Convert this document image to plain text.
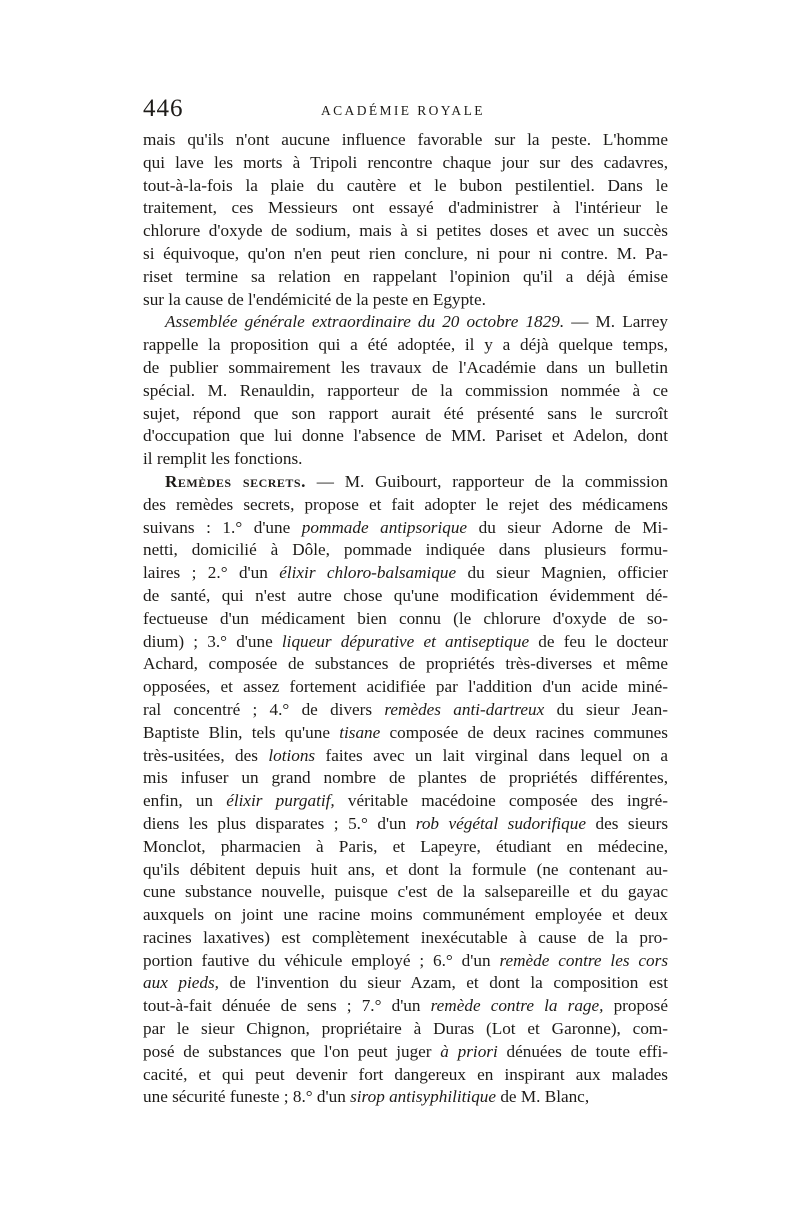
446	ACADÉMIE ROYALE
mais qu'ils n'ont aucune influence favorable sur la peste. L'homme
qui lave les morts à Tripoli rencontre chaque jour sur des cadavres,
tout-à-la-fois la plaie du cautère et le bubon pestilentiel. Dans le
traitement, ces Messieurs ont essayé d'administrer à l'intérieur le
chlorure d'oxyde de sodium, mais à si petites doses et avec un succès
si équivoque, qu'on n'en peut rien conclure, ni pour ni contre. M. Pa-
riset termine sa relation en rappelant l'opinion qu'il a déjà émise
sur la cause de l'endémicité de la peste en Egypte.
Assemblée générale extraordinaire du 20 octobre 1829. — M. Larrey
rappelle la proposition qui a été adoptée, il y a déjà quelque temps,
de publier sommairement les travaux de l'Académie dans un bulletin
spécial. M. Renauldin, rapporteur de la commission nommée à ce
sujet, répond que son rapport aurait été présenté sans le surcroît
d'occupation que lui donne l'absence de MM. Pariset et Adelon, dont
il remplit les fonctions.
Remèdes secrets. — M. Guibourt, rapporteur de la commission
des remèdes secrets, propose et fait adopter le rejet des médicamens
suivans : 1.° d'une pommade antipsorique du sieur Adorne de Mi-
netti, domicilié à Dôle, pommade indiquée dans plusieurs formu-
laires ; 2.° d'un élixir chloro-balsamique du sieur Magnien, officier
de santé, qui n'est autre chose qu'une modification évidemment dé-
fectueuse d'un médicament bien connu (le chlorure d'oxyde de so-
dium) ; 3.° d'une liqueur dépurative et antiseptique de feu le docteur
Achard, composée de substances de propriétés très-diverses et même
opposées, et assez fortement acidifiée par l'addition d'un acide miné-
ral concentré ; 4.° de divers remèdes anti-dartreux du sieur Jean-
Baptiste Blin, tels qu'une tisane composée de deux racines communes
très-usitées, des lotions faites avec un lait virginal dans lequel on a
mis infuser un grand nombre de plantes de propriétés différentes,
enfin, un élixir purgatif, véritable macédoine composée des ingré-
diens les plus disparates ; 5.° d'un rob végétal sudorifique des sieurs
Monclot, pharmacien à Paris, et Lapeyre, étudiant en médecine,
qu'ils débitent depuis huit ans, et dont la formule (ne contenant au-
cune substance nouvelle, puisque c'est de la salsepareille et du gayac
auxquels on joint une racine moins communément employée et deux
racines laxatives) est complètement inexécutable à cause de la pro-
portion fautive du véhicule employé ; 6.° d'un remède contre les cors
aux pieds, de l'invention du sieur Azam, et dont la composition est
tout-à-fait dénuée de sens ; 7.° d'un remède contre la rage, proposé
par le sieur Chignon, propriétaire à Duras (Lot et Garonne), com-
posé de substances que l'on peut juger à priori dénuées de toute effi-
cacité, et qui peut devenir fort dangereux en inspirant aux malades
une sécurité funeste ; 8.° d'un sirop antisyphilitique de M. Blanc,
